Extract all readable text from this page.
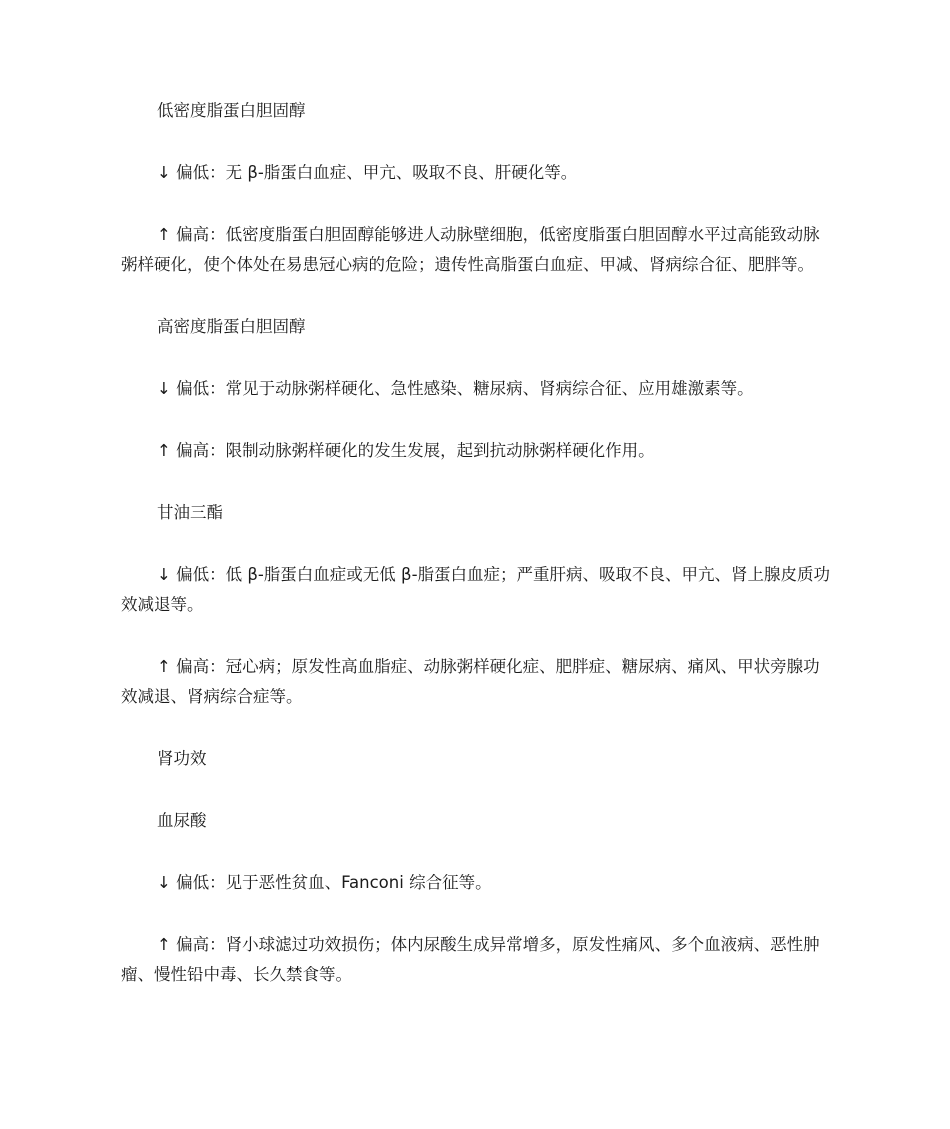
低密度脂蛋白胆固醇

↓ 偏低：无 β-脂蛋白血症、甲亢、吸取不良、肝硬化等。

↑ 偏高：低密度脂蛋白胆固醇能够进人动脉壁细胞，低密度脂蛋白胆固醇水平过高能致动脉粥样硬化，使个体处在易患冠心病的危险；遗传性高脂蛋白血症、甲减、肾病综合征、肥胖等。

高密度脂蛋白胆固醇

↓ 偏低：常见于动脉粥样硬化、急性感染、糖尿病、肾病综合征、应用雄激素等。

↑ 偏高：限制动脉粥样硬化的发生发展，起到抗动脉粥样硬化作用。

甘油三酯

↓ 偏低：低 β-脂蛋白血症或无低 β-脂蛋白血症；严重肝病、吸取不良、甲亢、肾上腺皮质功效减退等。

↑ 偏高：冠心病；原发性高血脂症、动脉粥样硬化症、肥胖症、糖尿病、痛风、甲状旁腺功效减退、肾病综合症等。

肾功效

血尿酸

↓ 偏低：见于恶性贫血、Fanconi 综合征等。

↑ 偏高：肾小球滤过功效损伤；体内尿酸生成异常增多，原发性痛风、多个血液病、恶性肿瘤、慢性铅中毒、长久禁食等。
